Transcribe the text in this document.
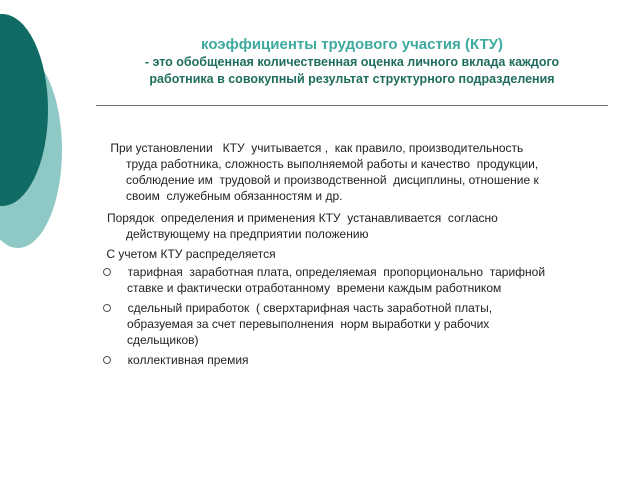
коэффициенты трудового участия (КТУ)
- это обобщенная количественная оценка личного вклада каждого
работника в совокупный результат структурного подразделения
При установлении   КТУ  учитывается ,  как правило, производительность
труда работника, сложность выполняемой работы и качество  продукции,
соблюдение им  трудовой и производственной  дисциплины, отношение к
своим  служебным обязанностям и др.
Порядок  определения и применения КТУ  устанавливается  согласно
действующему на предприятии положению
С учетом КТУ распределяется
тарифная  заработная плата, определяемая  пропорционально  тарифной
ставке и фактически отработанному  времени каждым работником
сдельный приработок  ( сверхтарифная часть заработной платы,
образуемая за счет перевыполнения  норм выработки у рабочих
сдельщиков)
коллективная премия
